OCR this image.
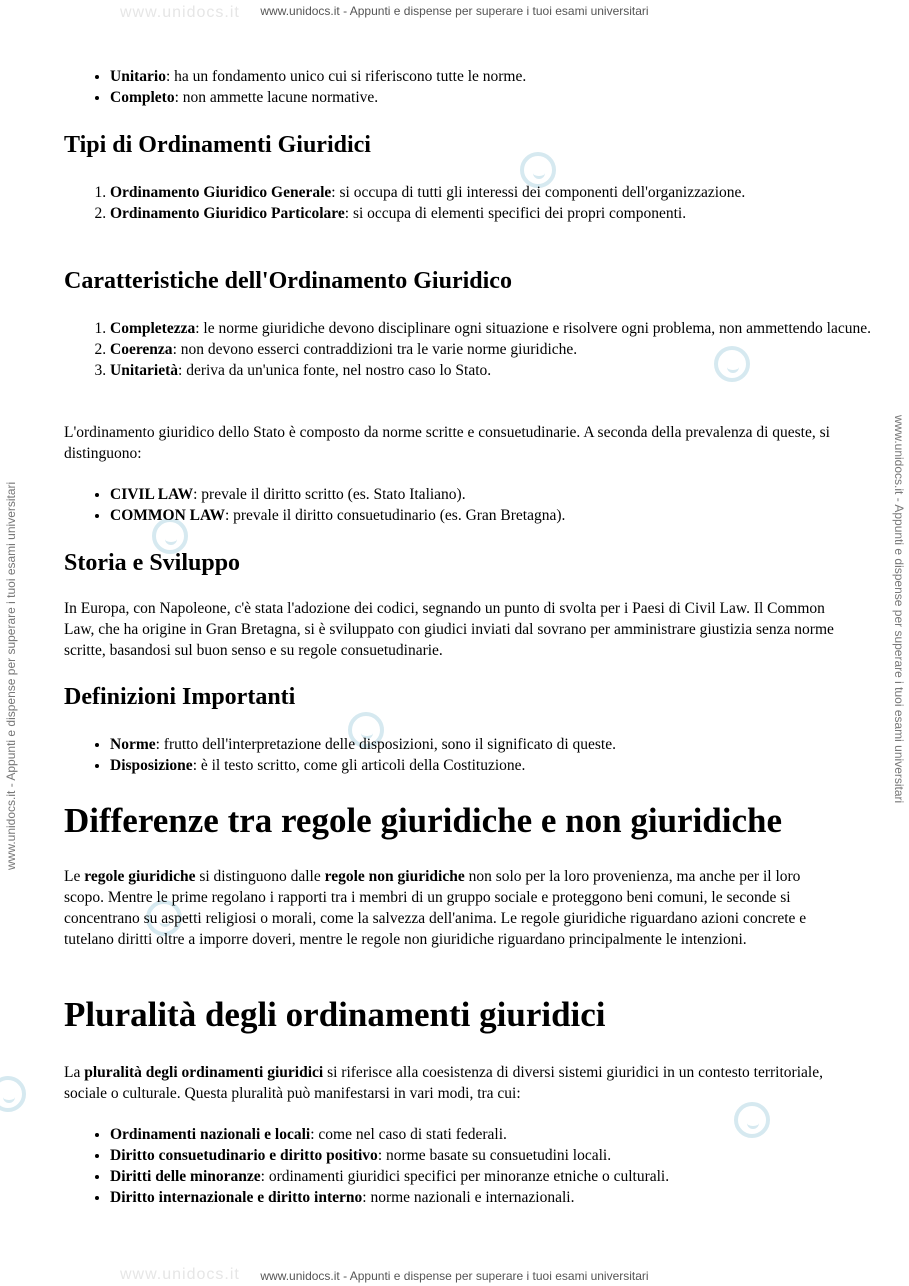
www.unidocs.it	www.unidocs.it - Appunti e dispense per superare i tuoi esami universitari
www.unidocs.it	www.unidocs.it - Appunti e dispense per superare i tuoi esami universitari
www.unidocs.it - Appunti e dispense per superare i tuoi esami universitari	www.unidocs.it - Appunti e dispense per superare i tuoi esami universitari
• Unitario: ha un fondamento unico cui si riferiscono tutte le norme.
• Completo: non ammette lacune normative.
Tipi di Ordinamenti Giuridici
1. Ordinamento Giuridico Generale: si occupa di tutti gli interessi dei componenti dell'organizzazione.
2. Ordinamento Giuridico Particolare: si occupa di elementi specifici dei propri componenti.
Caratteristiche dell'Ordinamento Giuridico
1. Completezza: le norme giuridiche devono disciplinare ogni situazione e risolvere ogni problema, non ammettendo lacune.
2. Coerenza: non devono esserci contraddizioni tra le varie norme giuridiche.
3. Unitarietà: deriva da un'unica fonte, nel nostro caso lo Stato.

L'ordinamento giuridico dello Stato è composto da norme scritte e consuetudinarie. A seconda della prevalenza di queste, si distinguono:

• CIVIL LAW: prevale il diritto scritto (es. Stato Italiano).
• COMMON LAW: prevale il diritto consuetudinario (es. Gran Bretagna).
Storia e Sviluppo

In Europa, con Napoleone, c'è stata l'adozione dei codici, segnando un punto di svolta per i Paesi di Civil Law. Il Common Law, che ha origine in Gran Bretagna, si è sviluppato con giudici inviati dal sovrano per amministrare giustizia senza norme scritte, basandosi sul buon senso e su regole consuetudinarie.

Definizioni Importanti
• Norme: frutto dell'interpretazione delle disposizioni, sono il significato di queste.
• Disposizione: è il testo scritto, come gli articoli della Costituzione.
Differenze tra regole giuridiche e non giuridiche

Le regole giuridiche si distinguono dalle regole non giuridiche non solo per la loro provenienza, ma anche per il loro scopo. Mentre le prime regolano i rapporti tra i membri di un gruppo sociale e proteggono beni comuni, le seconde si concentrano su aspetti religiosi o morali, come la salvezza dell'anima. Le regole giuridiche riguardano azioni concrete e tutelano diritti oltre a imporre doveri, mentre le regole non giuridiche riguardano principalmente le intenzioni.

Pluralità degli ordinamenti giuridici

La pluralità degli ordinamenti giuridici si riferisce alla coesistenza di diversi sistemi giuridici in un contesto territoriale, sociale o culturale. Questa pluralità può manifestarsi in vari modi, tra cui:

• Ordinamenti nazionali e locali: come nel caso di stati federali.
• Diritto consuetudinario e diritto positivo: norme basate su consuetudini locali.
• Diritti delle minoranze: ordinamenti giuridici specifici per minoranze etniche o culturali.
• Diritto internazionale e diritto interno: norme nazionali e internazionali.
